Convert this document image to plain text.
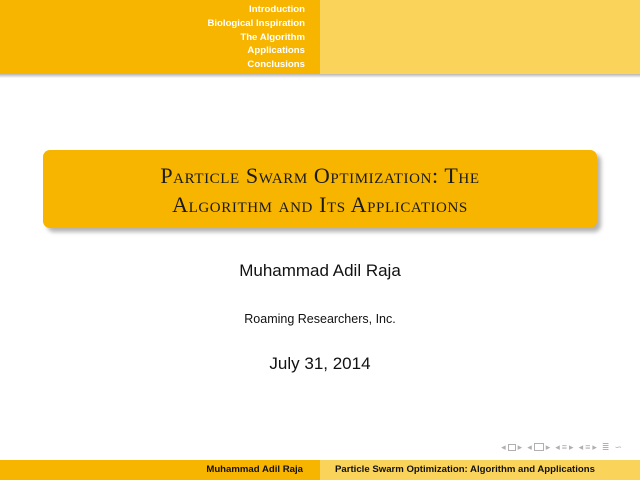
Introduction
Biological Inspiration
The Algorithm
Applications
Conclusions
Particle Swarm Optimization: The
Algorithm and Its Applications
Muhammad Adil Raja
Roaming Researchers, Inc.
July 31, 2014
◂ ▸ ◂ ▸ ◂ ≡ ▸ ◂ ≡ ▸ ≣ ∽
Muhammad Adil Raja	Particle Swarm Optimization: Algorithm and Applications
